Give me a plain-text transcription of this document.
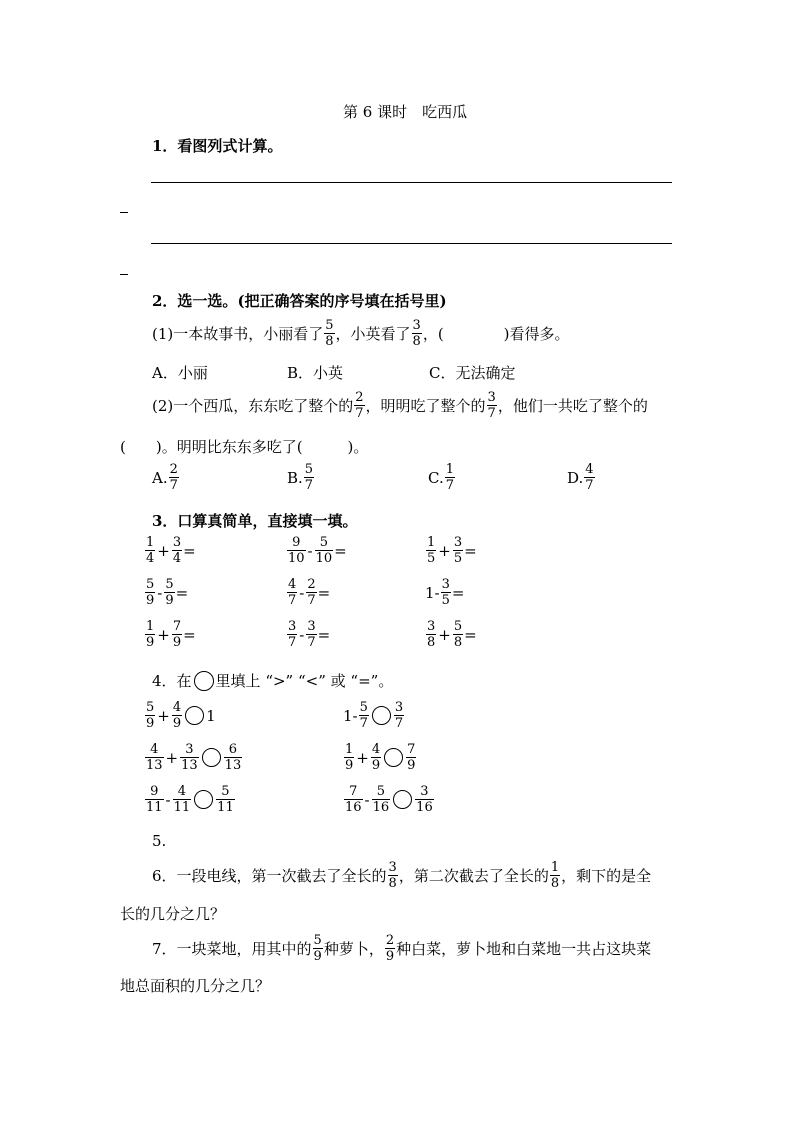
第 6 课时　吃西瓜
1．看图列式计算。
2．选一选。(把正确答案的序号填在括号里)
(1)一本故事书，小丽看了 $\frac{5}{8}$ ，小英看了 $\frac{3}{8}$ ，(　　　　)看得多。
A．小丽	B．小英	C．无法确定
(2)一个西瓜，东东吃了整个的 $\frac{2}{7}$ ，明明吃了整个的 $\frac{3}{7}$ ，他们一共吃了整个的
(　　)。明明比东东多吃了(　　　)。
A. $\frac{2}{7}$	B. $\frac{5}{7}$	C. $\frac{1}{7}$	D. $\frac{4}{7}$
3．口算真简单，直接填一填。
$\frac{1}{4} + \frac{3}{4}$ =	$\frac{9}{10} - \frac{5}{10}$ =	$\frac{1}{5} + \frac{3}{5}$ =
$\frac{5}{9} - \frac{5}{9}$ =	$\frac{4}{7} - \frac{2}{7}$ =	$1- \frac{3}{5}$ =
$\frac{1}{9} + \frac{7}{9}$ =	$\frac{3}{7} - \frac{3}{7}$ =	$\frac{3}{8} + \frac{5}{8}$ =
4．在 里填上 “>” “<” 或 “=”。
$\frac{5}{9} + \frac{4}{9} 1$	$1- \frac{5}{7} \frac{3}{7}$
$\frac{4}{13} + \frac{3}{13} \frac{6}{13}$	$\frac{1}{9} + \frac{4}{9} \frac{7}{9}$
$\frac{9}{11} - \frac{4}{11} \frac{5}{11}$	$\frac{7}{16} - \frac{5}{16} \frac{3}{16}$
5.
6．一段电线，第一次截去了全长的 $\frac{3}{8}$ ，第二次截去了全长的 $\frac{1}{8}$ ，剩下的是全
长的几分之几？
7．一块菜地，用其中的 $\frac{5}{9}$ 种萝卜， $\frac{2}{9}$ 种白菜，萝卜地和白菜地一共占这块菜
地总面积的几分之几？
